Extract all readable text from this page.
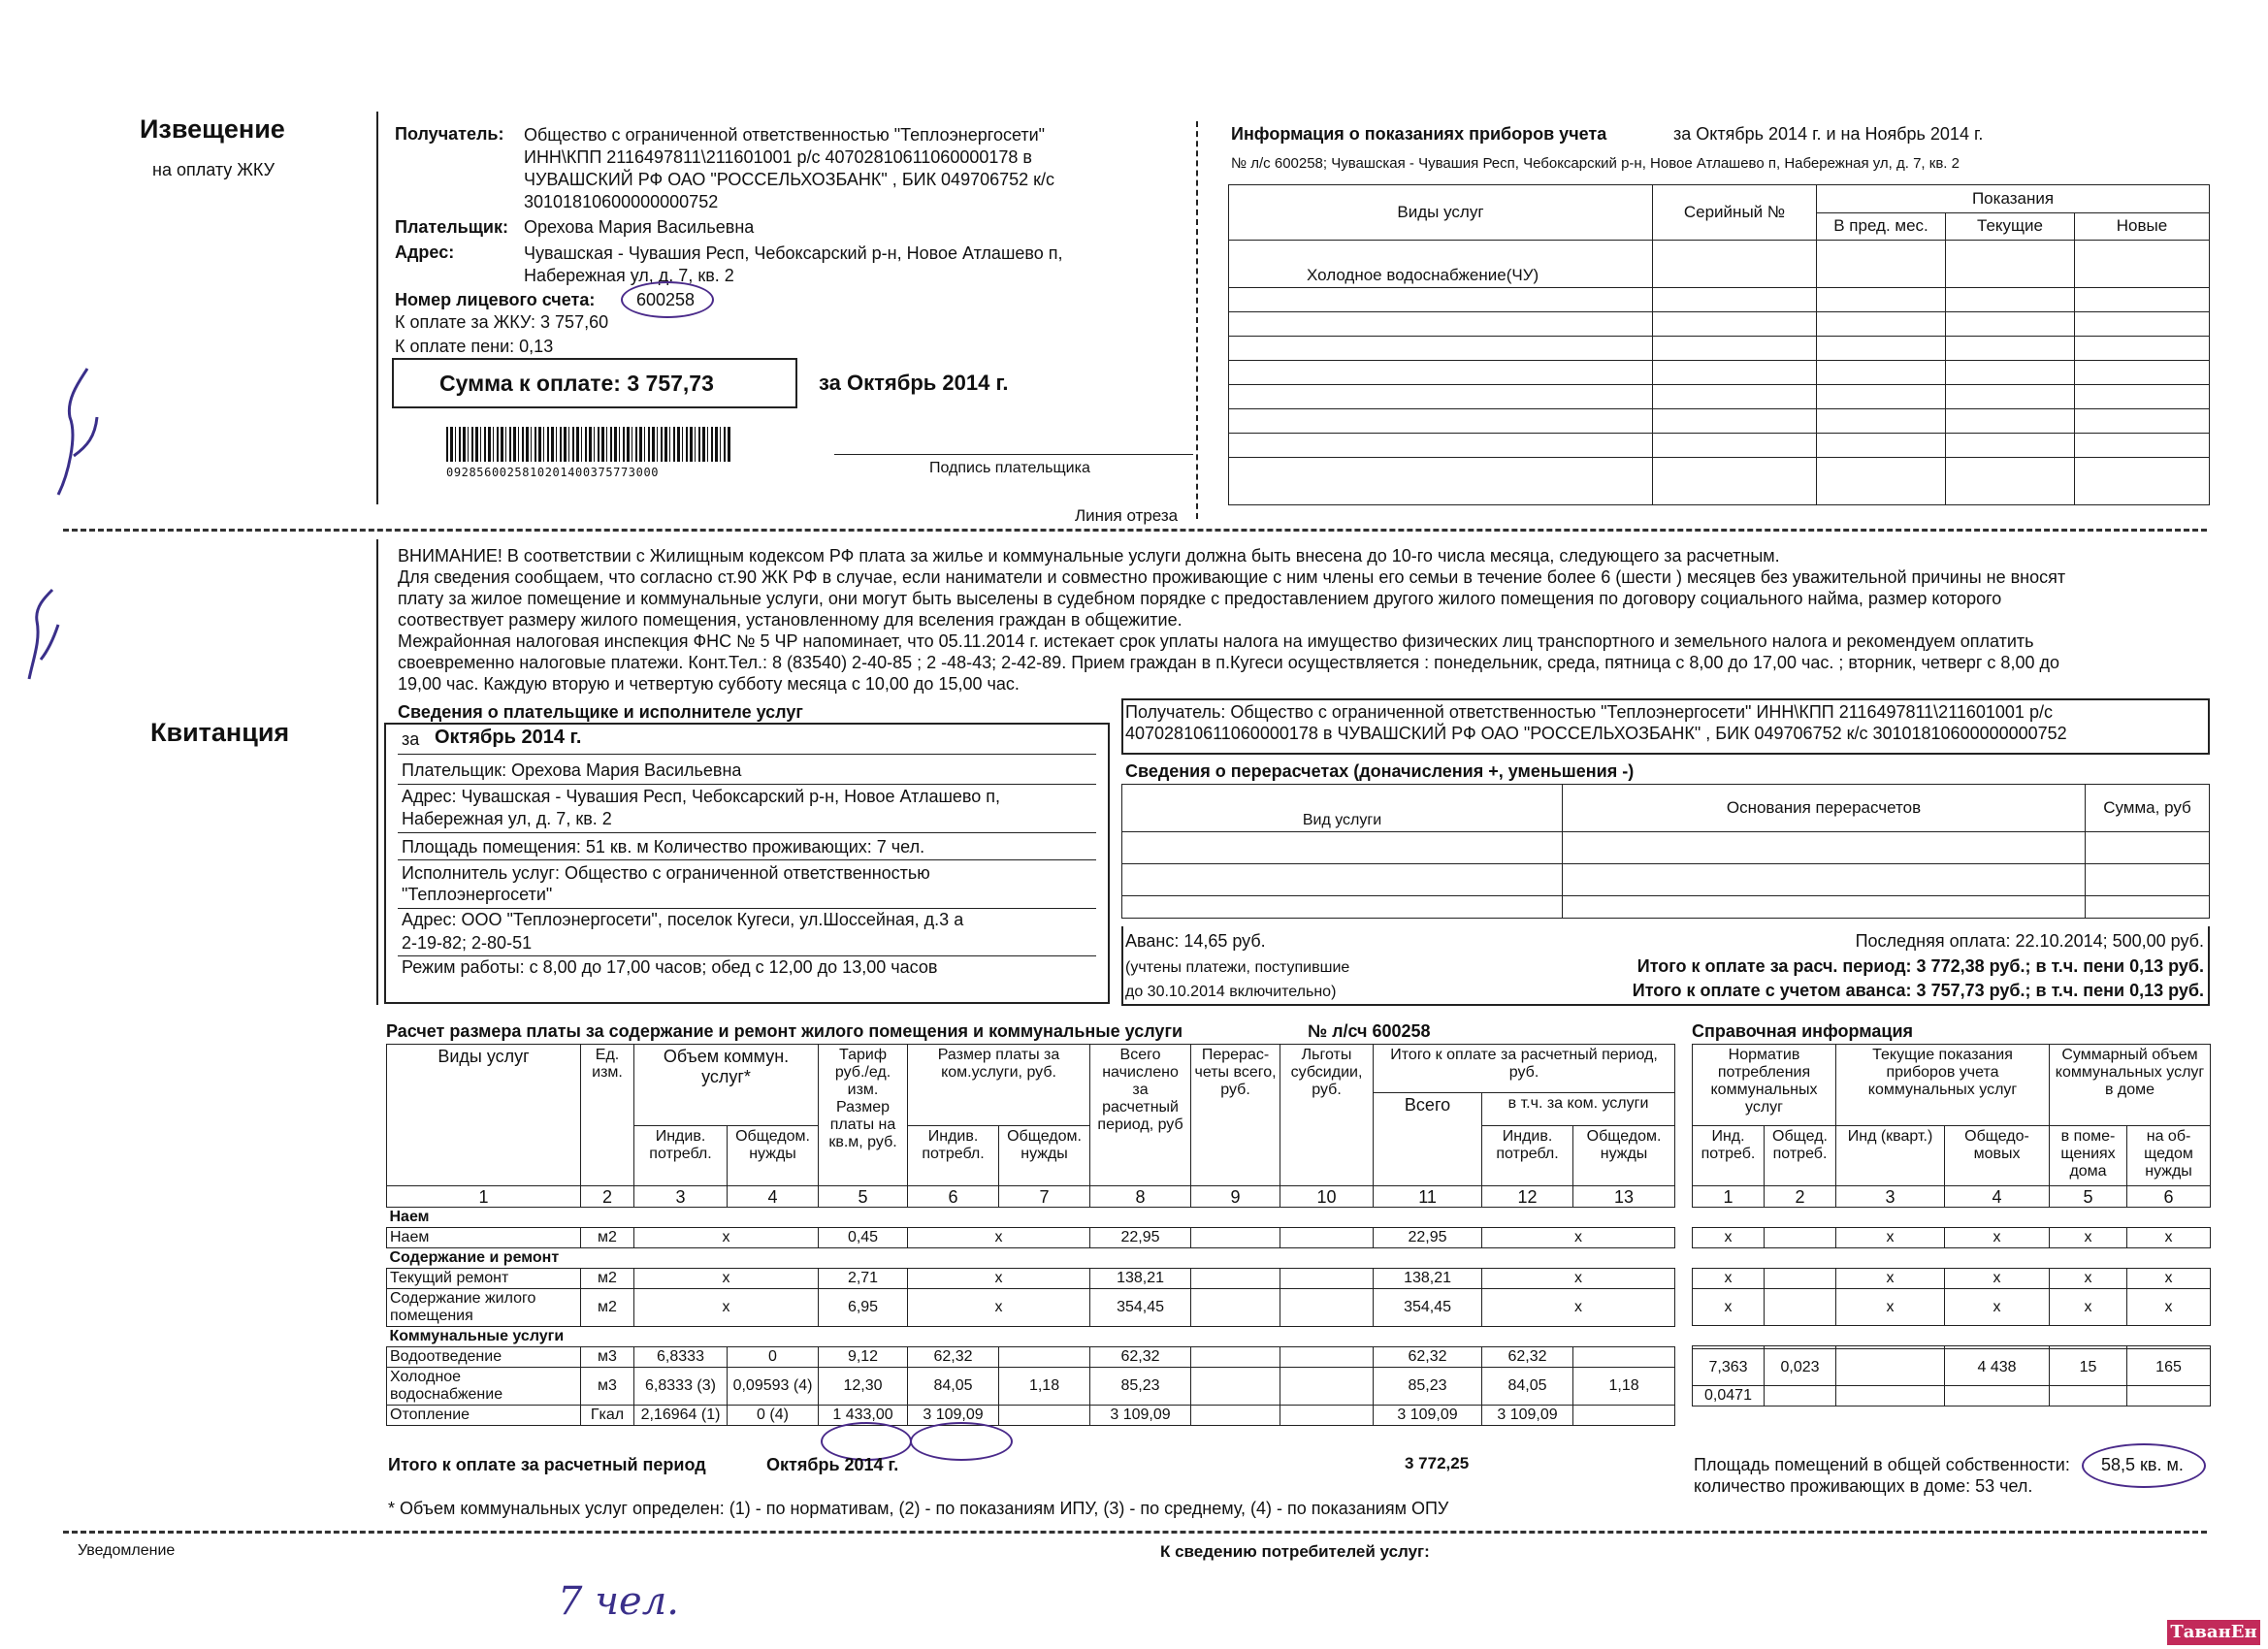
Извещение
на оплату ЖКУ
Получатель: Общество с ограниченной ответственностью "Теплоэнергосети"
ИНН\КПП 2116497811\211601001 р/с 40702810611060000178 в
ЧУВАШСКИЙ РФ ОАО "РОССЕЛЬХОЗБАНК" , БИК 049706752 к/с
30101810600000000752
Плательщик: Орехова Мария Васильевна
Адрес:	Чувашская - Чувашия Респ, Чебоксарский р-н, Новое Атлашево п,
Набережная ул, д. 7, кв. 2
Номер лицевого счета: 600258
К оплате за ЖКУ: 3 757,60
К оплате пени: 0,13
Сумма к оплате: 3 757,73	за Октябрь 2014 г.
0928560025810201400375773000	Подпись плательщика
Линия отреза
Информация о показаниях приборов учета	за Октябрь 2014 г. и на Ноябрь 2014 г.
№ л/с 600258; Чувашская - Чувашия Респ, Чебоксарский р-н, Новое Атлашево п, Набережная ул, д. 7, кв. 2
Виды услуг	Серийный №	Показания		
		В пред. мес.	Текущие	Новые
Холодное водоснабжение(ЧУ)				

Квитанция
ВНИМАНИЕ! В соответствии с Жилищным кодексом РФ плата за жилье и коммунальные услуги должна быть внесена до 10-го числа месяца, следующего за расчетным.
Для сведения сообщаем, что согласно ст.90 ЖК РФ в случае, если наниматели и совместно проживающие с ним члены его семьи в течение более 6 (шести ) месяцев без уважительной причины не вносят
плату за жилое помещение и коммунальные услуги, они могут быть выселены в судебном порядке с предоставлением другого жилого помещения по договору социального найма, размер которого
соотвествует размеру жилого помещения, установленному для вселения граждан в общежитие.
Межрайонная налоговая инспекция ФНС № 5 ЧР напоминает, что 05.11.2014 г. истекает срок уплаты налога на имущество физических лиц транспортного и земельного налога и рекомендуем оплатить
своевременно налоговые платежи. Конт.Тел.: 8 (83540) 2-40-85 ; 2 -48-43; 2-42-89. Прием граждан в п.Кугеси осуществляется : понедельник, среда, пятница с 8,00 до 17,00 час. ; вторник, четверг с 8,00 до
19,00 час. Каждую вторую и четвертую субботу месяца с 10,00 до 15,00 час.
Сведения о плательщике и исполнителе услуг
за Октябрь 2014 г.
Плательщик: Орехова Мария Васильевна
Адрес: Чувашская - Чувашия Респ, Чебоксарский р-н, Новое Атлашево п,
Набережная ул, д. 7, кв. 2
Площадь помещения: 51 кв. м Количество проживающих: 7 чел.
Исполнитель услуг: Общество с ограниченной ответственностью
"Теплоэнергосети"
Адрес: ООО "Теплоэнергосети", поселок Кугеси, ул.Шоссейная, д.3 а
2-19-82; 2-80-51
Режим работы: с 8,00 до 17,00 часов; обед с 12,00 до 13,00 часов
Получатель: Общество с ограниченной ответственностью "Теплоэнергосети" ИНН\КПП 2116497811\211601001 р/с
40702810611060000178 в ЧУВАШСКИЙ РФ ОАО "РОССЕЛЬХОЗБАНК" , БИК 049706752 к/с 30101810600000000752
Сведения о перерасчетах (доначисления +, уменьшения -)
Вид услуги	Основания перерасчетов	Сумма, руб

Аванс: 14,65 руб.	Последняя оплата: 22.10.2014; 500,00 руб.
(учтены платежи, поступившие
до 30.10.2014 включительно)
Итого к оплате за расч. период: 3 772,38 руб.; в т.ч. пени 0,13 руб.
Итого к оплате с учетом аванса: 3 757,73 руб.; в т.ч. пени 0,13 руб.
Расчет размера платы за содержание и ремонт жилого помещения и коммунальные услуги	№ л/сч 600258	Справочная информация
Виды услуг	Ед. изм.	Объем коммун. услуг*		Тариф руб./ед. изм. Размер платы на кв.м, руб.	Размер платы за ком.услуги, руб.		Всего начислено за расчетный период, руб	Перерас-четы всего, руб.	Льготы субсидии, руб.	Итого к оплате за расчетный период, руб.		
										Всего	в т.ч. за ком. услуги	
		Индив. потребл.	Общедом. нужды		Индив. потребл.	Общедом. нужды					Индив. потребл.	Общедом. нужды
1	2	3	4	5	6	7	8	9	10	11	12	13
Наем												
Наем	м2	x		0,45	x		22,95			22,95	x	
Содержание и ремонт												
Текущий ремонт	м2	x		2,71	x		138,21			138,21	x	
Содержание жилого помещения	м2	x		6,95	x		354,45			354,45	x	
Коммунальные услуги												
Водоотведение	м3	6,8333	0	9,12	62,32		62,32			62,32	62,32	
Холодное водоснабжение	м3	6,8333 (3)	0,09593 (4)	12,30	84,05	1,18	85,23			85,23	84,05	1,18
Отопление	Гкал	2,16964 (1)	0 (4)	1 433,00	3 109,09		3 109,09			3 109,09	3 109,09	
Итого к оплате за расчетный период	Октябрь 2014 г.	3 772,25
Норматив потребления коммунальных услуг		Текущие показания приборов учета коммунальных услуг		Суммарный объем коммунальных услуг в доме	
Инд. потреб.	Общед. потреб.	Инд (кварт.)	Общедо-мовых	в поме-щениях дома	на об-щедом нужды
1	2	3	4	5	6

x		x	x	x	x

x		x	x	x	x
x		x	x	x	x

7,363	0,023		4 438	15	165
0,0471					
Площадь помещений в общей собственности: 58,5 кв. м.
количество проживающих в доме: 53 чел.
* Объем коммунальных услуг определен: (1) - по нормативам, (2) - по показаниям ИПУ, (3) - по среднему, (4) - по показаниям ОПУ
Уведомление	К сведению потребителей услуг:
7 чел.
ТаванЕн
